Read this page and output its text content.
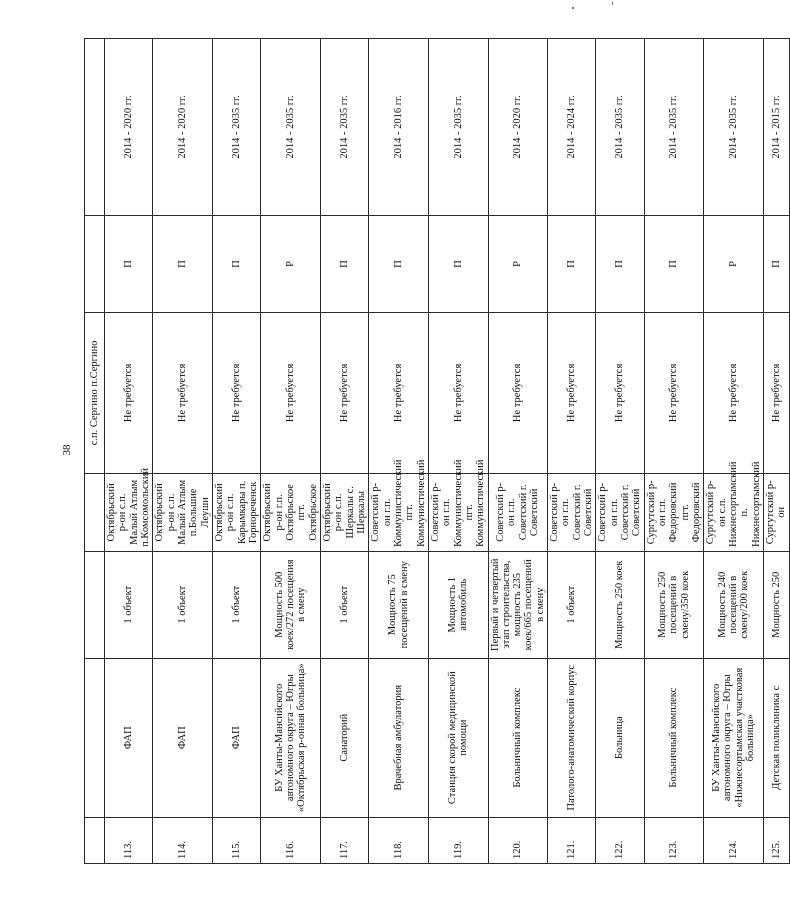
38
				с.п. Сергино п.Сергино		
113.	ФАП	1 объект	Октябрьский р-он с.п. Малый Атлым п.Комсомольский	Не требуется	П	2014 - 2020 гг.
114.	ФАП	1 объект	Октябрьский р-он с.п. Малый Атлым п.Большие Леуши	Не требуется	П	2014 - 2020 гг.
115.	ФАП	1 объект	Октябрьский р-он с.п. Карымкары п. Горнореченск	Не требуется	П	2014 - 2035 гг.
116.	БУ Ханты-Мансийского автономного округа – Югры «Октябрьская р-онная больница»	Мощность 500 коек/272 посещения в смену	Октябрьский р-он г.п. Октябрьское пгт. Октябрьское	Не требуется	Р	2014 - 2035 гг.
117.	Санаторий	1 объект	Октябрьский р-он с.п. Шеркалы с. Шеркалы	Не требуется	П	2014 - 2035 гг.
118.	Врачебная амбулатория	Мощность 75 посещений в смену	Советский р-он г.п. Коммунистический пгт. Коммунистический	Не требуется	П	2014 - 2016 гг.
119.	Станция скорой медицинской помощи	Мощность 1 автомобиль	Советский р-он г.п. Коммунистический пгт. Коммунистический	Не требуется	П	2014 - 2035 гг.
120.	Больничный комплекс	Первый и четвертый этап строительства, мощность 235 коек/665 посещений в смену	Советский р-он г.п. Советский г. Советский	Не требуется	Р	2014 - 2020 гг.
121.	Патолого-анатомический корпус	1 объект	Советский р-он г.п. Советский г. Советский	Не требуется	П	2014 - 2024 гг.
122.	Больница	Мощность 250 коек	Советский р-он г.п. Советский г. Советский	Не требуется	П	2014 - 2035 гг.
123.	Больничный комплекс	Мощность 250 посещений в смену/350 коек	Сургутский р-он г.п. Федоровский пгт. Федоровский	Не требуется	П	2014 - 2035 гг.
124.	БУ Ханты-Мансийского автономного округа – Югры «Нижнесортымская участковая больница»	Мощность 240 посещений в смену/200 коек	Сургутский р-он с.п. Нижнесортымский п. Нижнесортымский	Не требуется	Р	2014 - 2035 гг.
125.	Детская поликлиника с	Мощность 250	Сургутский р-он	Не требуется	П	2014 - 2015 гг.
